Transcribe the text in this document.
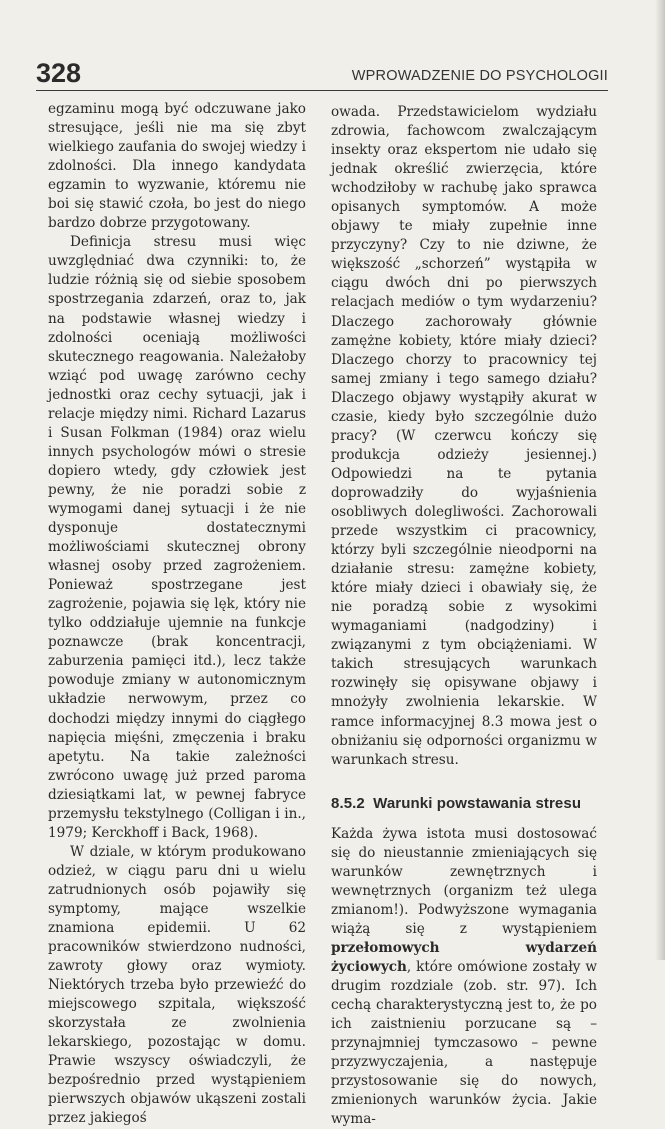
328	WPROWADZENIE DO PSYCHOLOGII

egzaminu mogą być odczuwane jako stresujące, jeśli nie ma się zbyt wielkiego zaufania do swojej wiedzy i zdolności. Dla innego kandydata egzamin to wyzwanie, któremu nie boi się stawić czoła, bo jest do niego bardzo dobrze przygotowany.

Definicja stresu musi więc uwzględniać dwa czynniki: to, że ludzie różnią się od siebie sposobem spostrzegania zdarzeń, oraz to, jak na podstawie własnej wiedzy i zdolności oceniają możliwości skutecznego reagowania. Należałoby wziąć pod uwagę zarówno cechy jednostki oraz cechy sytuacji, jak i relacje między nimi. Richard Lazarus i Susan Folkman (1984) oraz wielu innych psychologów mówi o stresie dopiero wtedy, gdy człowiek jest pewny, że nie poradzi sobie z wymogami danej sytuacji i że nie dysponuje dostatecznymi możliwościami skutecznej obrony własnej osoby przed zagrożeniem. Ponieważ spostrzegane jest zagrożenie, pojawia się lęk, który nie tylko oddziałuje ujemnie na funkcje poznawcze (brak koncentracji, zaburzenia pamięci itd.), lecz także powoduje zmiany w autonomicznym układzie nerwowym, przez co dochodzi między innymi do ciągłego napięcia mięśni, zmęczenia i braku apetytu. Na takie zależności zwrócono uwagę już przed paroma dziesiątkami lat, w pewnej fabryce przemysłu tekstylnego (Colligan i in., 1979; Kerckhoff i Back, 1968).

W dziale, w którym produkowano odzież, w ciągu paru dni u wielu zatrudnionych osób pojawiły się symptomy, mające wszelkie znamiona epidemii. U 62 pracowników stwierdzono nudności, zawroty głowy oraz wymioty. Niektórych trzeba było przewieźć do miejscowego szpitala, większość skorzystała ze zwolnienia lekarskiego, pozostając w domu. Prawie wszyscy oświadczyli, że bezpośrednio przed wystąpieniem pierwszych objawów ukąszeni zostali przez jakiegoś

owada. Przedstawicielom wydziału zdrowia, fachowcom zwalczającym insekty oraz ekspertom nie udało się jednak określić zwierzęcia, które wchodziłoby w rachubę jako sprawca opisanych symptomów. A może objawy te miały zupełnie inne przyczyny? Czy to nie dziwne, że większość „schorzeń” wystąpiła w ciągu dwóch dni po pierwszych relacjach mediów o tym wydarzeniu? Dlaczego zachorowały głównie zamężne kobiety, które miały dzieci? Dlaczego chorzy to pracownicy tej samej zmiany i tego samego działu? Dlaczego objawy wystąpiły akurat w czasie, kiedy było szczególnie dużo pracy? (W czerwcu kończy się produkcja odzieży jesiennej.) Odpowiedzi na te pytania doprowadziły do wyjaśnienia osobliwych dolegliwości. Zachorowali przede wszystkim ci pracownicy, którzy byli szczególnie nieodporni na działanie stresu: zamężne kobiety, które miały dzieci i obawiały się, że nie poradzą sobie z wysokimi wymaganiami (nadgodziny) i związanymi z tym obciążeniami. W takich stresujących warunkach rozwinęły się opisywane objawy i mnożyły zwolnienia lekarskie. W ramce informacyjnej 8.3 mowa jest o obniżaniu się odporności organizmu w warunkach stresu.

8.5.2 Warunki powstawania stresu

Każda żywa istota musi dostosować się do nieustannie zmieniających się warunków zewnętrznych i wewnętrznych (organizm też ulega zmianom!). Podwyższone wymagania wiążą się z wystąpieniem przełomowych wydarzeń życiowych, które omówione zostały w drugim rozdziale (zob. str. 97). Ich cechą charakterystyczną jest to, że po ich zaistnieniu porzucane są – przynajmniej tymczasowo – pewne przyzwyczajenia, a następuje przystosowanie się do nowych, zmienionych warunków życia. Jakie wyma-
